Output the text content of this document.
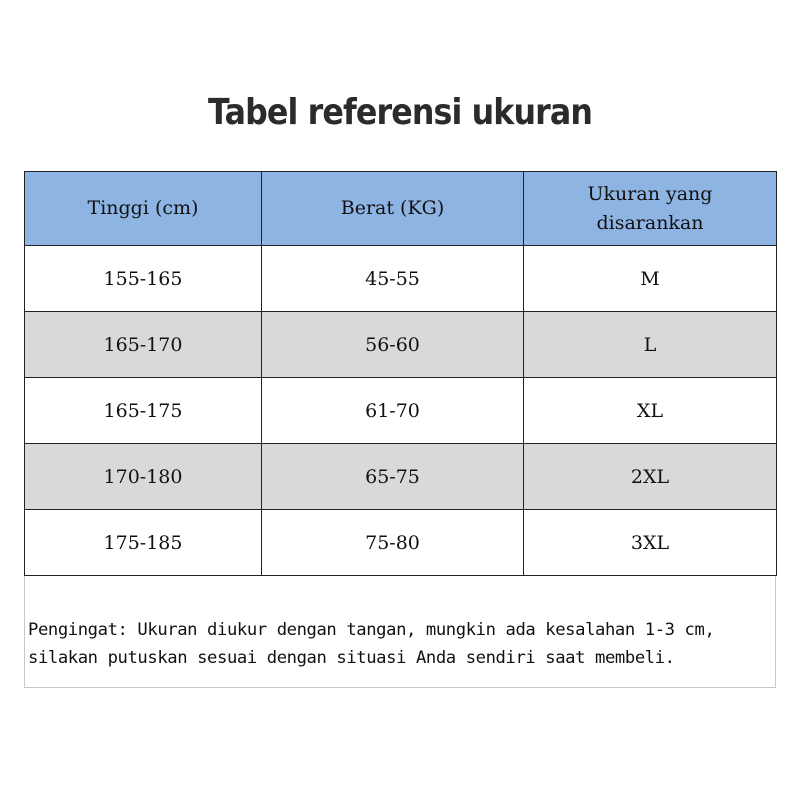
Tabel referensi ukuran
Tinggi (cm)	Berat (KG)	Ukuran yang disarankan
155-165	45-55	M
165-170	56-60	L
165-175	61-70	XL
170-180	65-75	2XL
175-185	75-80	3XL

Pengingat: Ukuran diukur dengan tangan, mungkin ada kesalahan 1-3 cm, silakan putuskan sesuai dengan situasi Anda sendiri saat membeli.
